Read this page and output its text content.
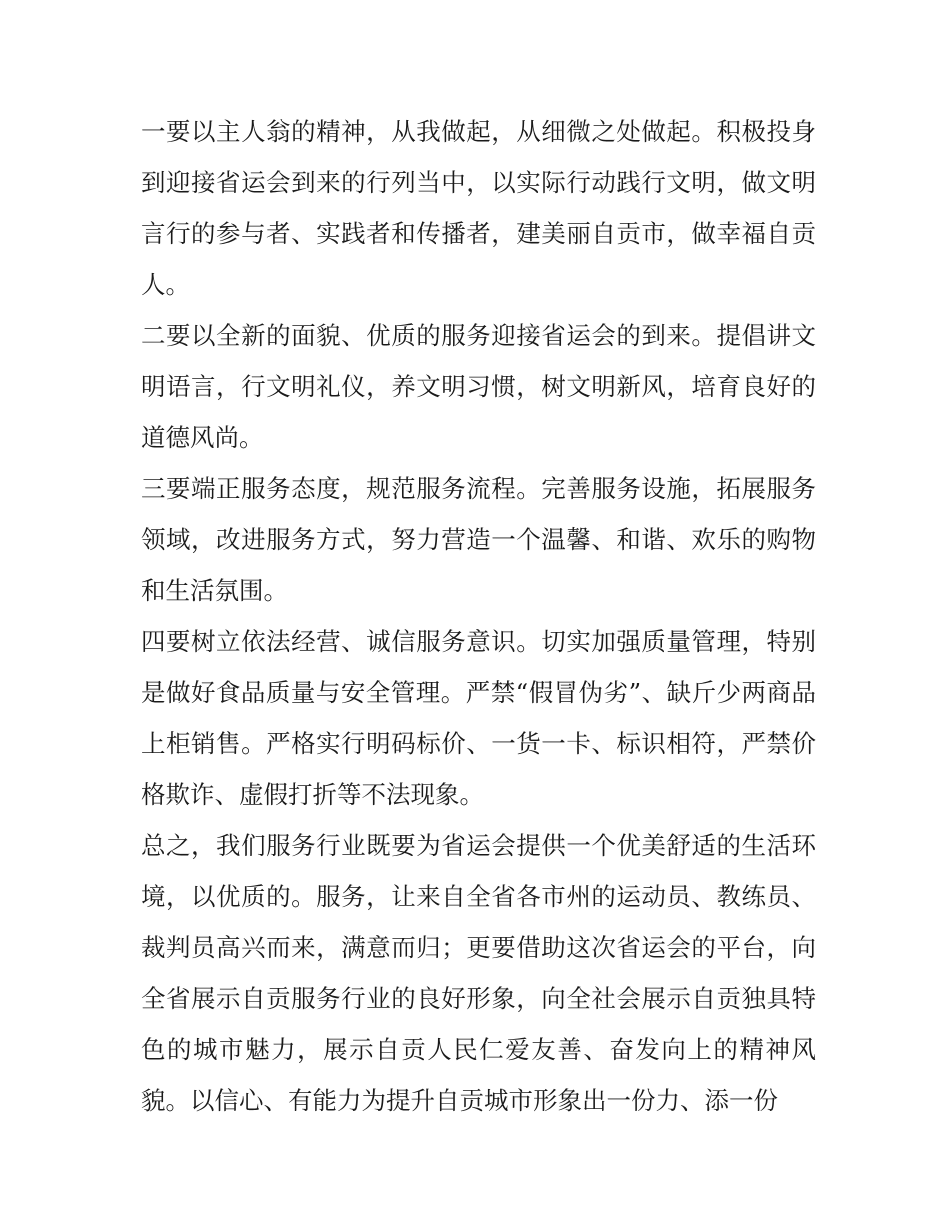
一要以主人翁的精神，从我做起，从细微之处做起。积极投身到迎接省运会到来的行列当中，以实际行动践行文明，做文明言行的参与者、实践者和传播者，建美丽自贡市，做幸福自贡人。

二要以全新的面貌、优质的服务迎接省运会的到来。提倡讲文明语言，行文明礼仪，养文明习惯，树文明新风，培育良好的道德风尚。

三要端正服务态度，规范服务流程。完善服务设施，拓展服务领域，改进服务方式，努力营造一个温馨、和谐、欢乐的购物和生活氛围。

四要树立依法经营、诚信服务意识。切实加强质量管理，特别是做好食品质量与安全管理。严禁“假冒伪劣”、缺斤少两商品上柜销售。严格实行明码标价、一货一卡、标识相符，严禁价格欺诈、虚假打折等不法现象。

总之，我们服务行业既要为省运会提供一个优美舒适的生活环境，以优质的。服务，让来自全省各市州的运动员、教练员、裁判员高兴而来，满意而归；更要借助这次省运会的平台，向全省展示自贡服务行业的良好形象，向全社会展示自贡独具特色的城市魅力，展示自贡人民仁爱友善、奋发向上的精神风貌。以信心、有能力为提升自贡城市形象出一份力、添一份
